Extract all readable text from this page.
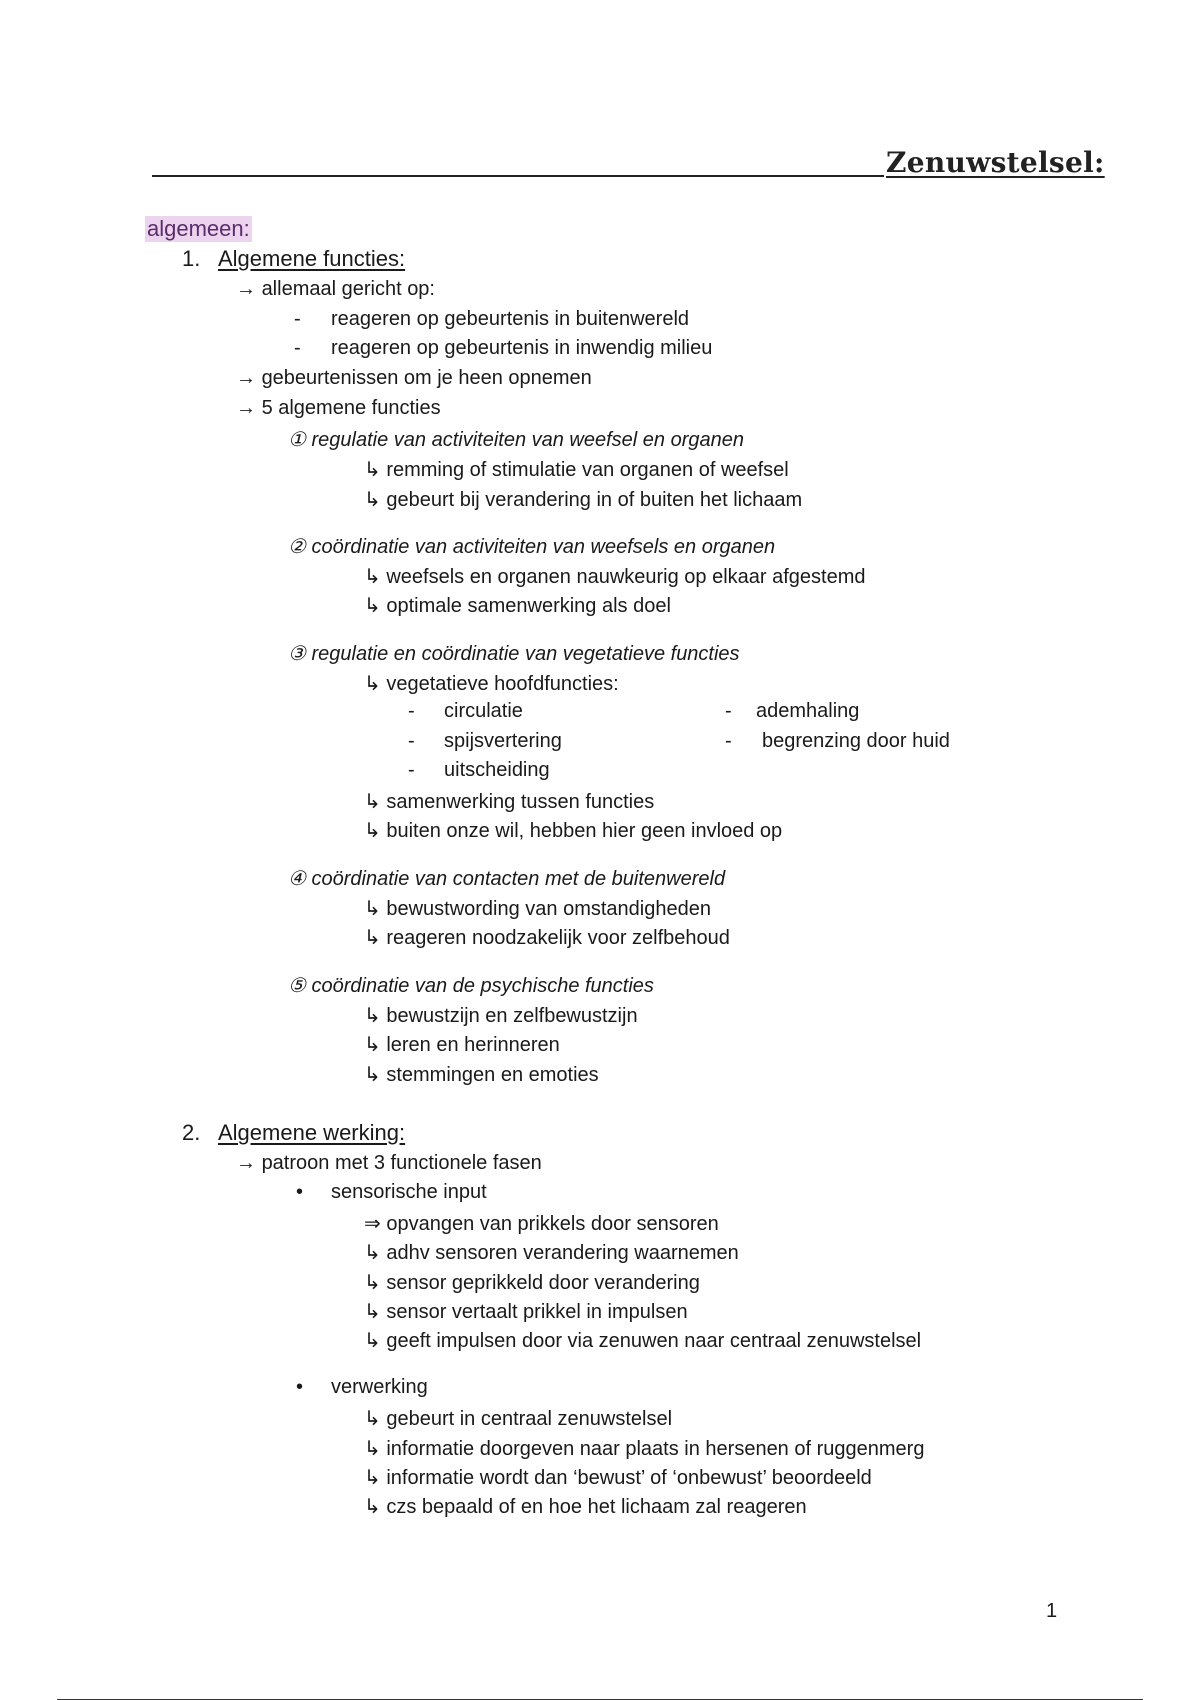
Zenuwstelsel:
algemeen:
1. Algemene functies:
→ allemaal gericht op:
- reageren op gebeurtenis in buitenwereld
- reageren op gebeurtenis in inwendig milieu
→ gebeurtenissen om je heen opnemen
→ 5 algemene functies
① regulatie van activiteiten van weefsel en organen
↳ remming of stimulatie van organen of weefsel
↳ gebeurt bij verandering in of buiten het lichaam
② coördinatie van activiteiten van weefsels en organen
↳ weefsels en organen nauwkeurig op elkaar afgestemd
↳ optimale samenwerking als doel
③ regulatie en coördinatie van vegetatieve functies
↳ vegetatieve hoofdfuncties:
- circulatie
- spijsvertering
- uitscheiding
- ademhaling
- begrenzing door huid
↳ samenwerking tussen functies
↳ buiten onze wil, hebben hier geen invloed op
④ coördinatie van contacten met de buitenwereld
↳ bewustwording van omstandigheden
↳ reageren noodzakelijk voor zelfbehoud
⑤ coördinatie van de psychische functies
↳ bewustzijn en zelfbewustzijn
↳ leren en herinneren
↳ stemmingen en emoties
2. Algemene werking:
→ patroon met 3 functionele fasen
• sensorische input
⇒ opvangen van prikkels door sensoren
↳ adhv sensoren verandering waarnemen
↳ sensor geprikkeld door verandering
↳ sensor vertaalt prikkel in impulsen
↳ geeft impulsen door via zenuwen naar centraal zenuwstelsel
• verwerking
↳ gebeurt in centraal zenuwstelsel
↳ informatie doorgeven naar plaats in hersenen of ruggenmerg
↳ informatie wordt dan ‘bewust’ of ‘onbewust’ beoordeeld
↳ czs bepaald of en hoe het lichaam zal reageren
1
